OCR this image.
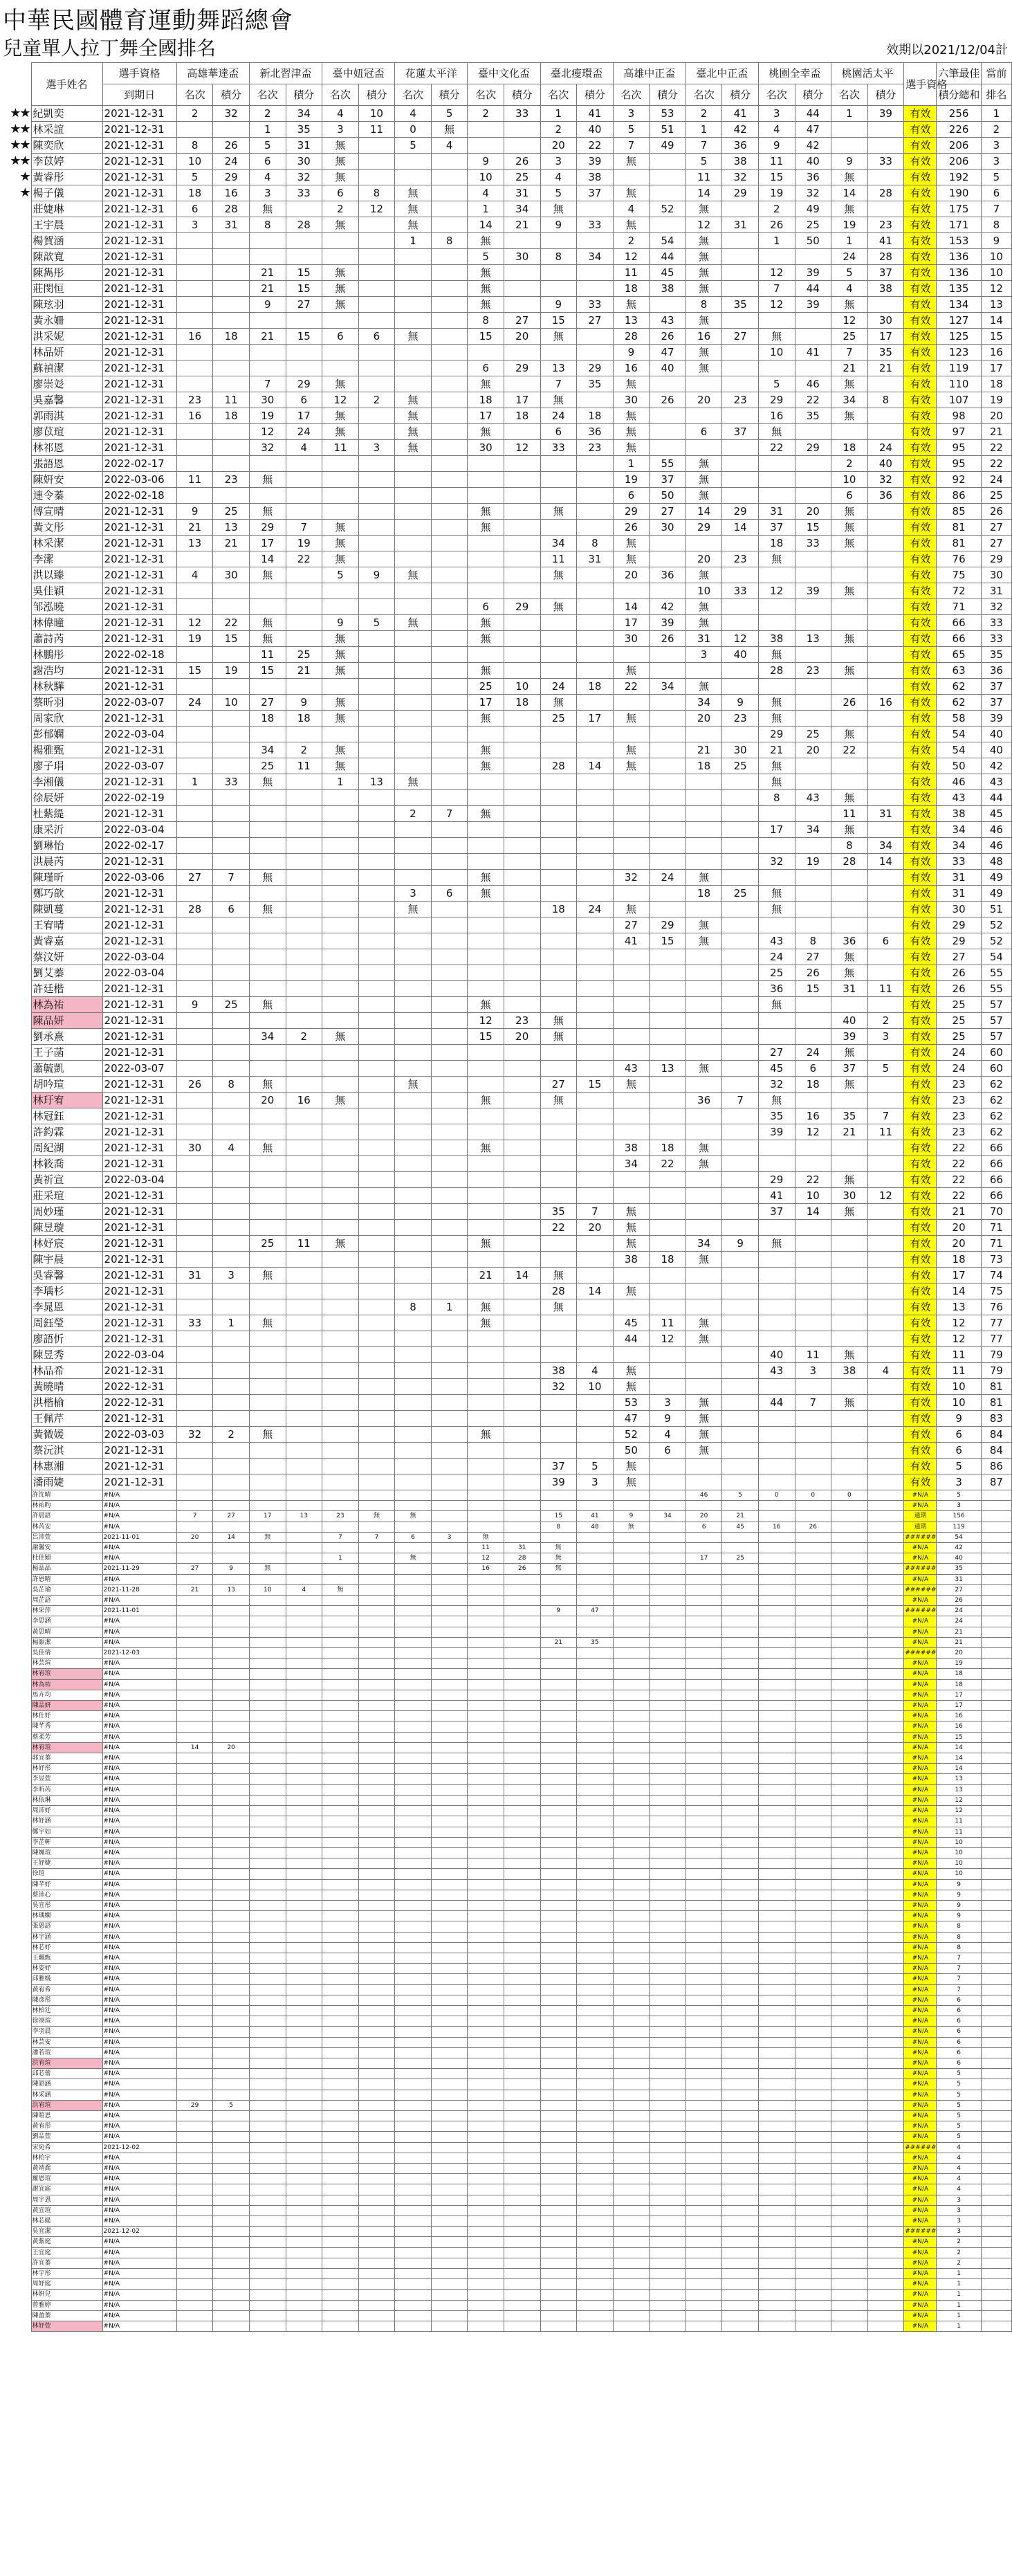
中華民國體育運動舞蹈總會
兒童單人拉丁舞全國排名	效期以2021/12/04計
	選手姓名	選手資格	高雄華達盃		新北習津盃		臺中妞冠盃		花蓮太平洋		臺中文化盃		臺北瘦環盃		高雄中正盃		臺北中正盃		桃園全幸盃		桃園活太平		選手資格	六筆最佳	當前
		到期日	名次	積分	名次	積分	名次	積分	名次	積分	名次	積分	名次	積分	名次	積分	名次	積分	名次	積分	名次	積分		積分總和	排名
★★	紀凱奕	2021-12-31	2	32	2	34	4	10	4	5	2	33	1	41	3	53	2	41	3	44	1	39	有效	256	1
★★	林采誼	2021-12-31			1	35	3	11	0	無			2	40	5	51	1	42	4	47			有效	226	2
★★	陳奕欣	2021-12-31	8	26	5	31	無		5	4			20	22	7	49	7	36	9	42			有效	206	3
★★	李苡婷	2021-12-31	10	24	6	30	無				9	26	3	39	無		5	38	11	40	9	33	有效	206	3
★	黃睿彤	2021-12-31	5	29	4	32	無				10	25	4	38			11	32	15	36	無		有效	192	5
★	楊子儀	2021-12-31	18	16	3	33	6	8	無		4	31	5	37	無		14	29	19	32	14	28	有效	190	6
	莊婕琳	2021-12-31	6	28	無		2	12	無		1	34	無		4	52	無		2	49	無		有效	175	7
	王宇晨	2021-12-31	3	31	8	28	無		無		14	21	9	33	無		12	31	26	25	19	23	有效	171	8
	楊賀涵	2021-12-31							1	8	無				2	54	無		1	50	1	41	有效	153	9
	陳歆寬	2021-12-31									5	30	8	34	12	44	無				24	28	有效	136	10
	陳雋彤	2021-12-31			21	15	無				無				11	45	無		12	39	5	37	有效	136	10
	莊閔恒	2021-12-31			21	15	無				無				18	38	無		7	44	4	38	有效	135	12
	陳玹羽	2021-12-31			9	27	無				無		9	33	無		8	35	12	39	無		有效	134	13
	黃永姍	2021-12-31									8	27	15	27	13	43	無				12	30	有效	127	14
	洪采妮	2021-12-31	16	18	21	15	6	6	無		15	20	無		28	26	16	27	無		25	17	有效	125	15
	林品妍	2021-12-31													9	47	無		10	41	7	35	有效	123	16
	蘇禎潔	2021-12-31									6	29	13	29	16	40	無				21	21	有效	119	17
	廖崇彣	2021-12-31			7	29	無				無		7	35	無				5	46	無		有效	110	18
	吳嘉馨	2021-12-31	23	11	30	6	12	2	無		18	17	無		30	26	20	23	29	22	34	8	有效	107	19
	郭雨淇	2021-12-31	16	18	19	17	無		無		17	18	24	18	無				16	35	無		有效	98	20
	廖苡瑄	2021-12-31			12	24	無		無		無		6	36	無		6	37	無				有效	97	21
	林祁恩	2021-12-31			32	4	11	3	無		30	12	33	23	無				22	29	18	24	有效	95	22
	張語恩	2022-02-17													1	55	無				2	40	有效	95	22
	陳姸安	2022-03-06	11	23	無										19	37	無				10	32	有效	92	24
	連令蓁	2022-02-18													6	50	無				6	36	有效	86	25
	傅宣晴	2021-12-31	9	25	無						無		無		29	27	14	29	31	20	無		有效	85	26
	黃文彤	2021-12-31	21	13	29	7	無				無				26	30	29	14	37	15	無		有效	81	27
	林采潔	2021-12-31	13	21	17	19	無						34	8	無				18	33	無		有效	81	27
	李潔	2021-12-31			14	22	無						11	31	無		20	23	無				有效	76	29
	洪以臻	2021-12-31	4	30	無		5	9	無				無		20	36	無						有效	75	30
	吳佳穎	2021-12-31															10	33	12	39	無		有效	72	31
	邹泓曉	2021-12-31									6	29	無		14	42	無						有效	71	32
	林偉曈	2021-12-31	12	22	無		9	5	無		無				17	39	無						有效	66	33
	蕭詩芮	2021-12-31	19	15	無		無				無				30	26	31	12	38	13	無		有效	66	33
	林鵬彤	2022-02-18			11	25	無										3	40	無				有效	65	35
	謝浩均	2021-12-31	15	19	15	21	無				無				無				28	23	無		有效	63	36
	林秋驊	2021-12-31									25	10	24	18	22	34	無						有效	62	37
	蔡昕羽	2022-03-07	24	10	27	9	無				17	18	無				34	9	無		26	16	有效	62	37
	周家欣	2021-12-31			18	18	無				無		25	17	無		20	23	無				有效	58	39
	彭郁嫻	2022-03-04																	29	25	無		有效	54	40
	楊雅甄	2021-12-31			34	2	無				無				無		21	30	21	20	22		有效	54	40
	廖子琄	2022-03-07			25	11	無				無		28	14	無		18	25	無				有效	50	42
	李湘儀	2021-12-31	1	33	無		1	13	無										無				有效	46	43
	徐辰妍	2022-02-19																	8	43	無		有效	43	44
	杜紫緹	2021-12-31							2	7	無										11	31	有效	38	45
	康采沂	2022-03-04																	17	34	無		有效	34	46
	劉琳怡	2022-02-17																			8	34	有效	34	46
	洪晨芮	2021-12-31																	32	19	28	14	有效	33	48
	陳瑾昕	2022-03-06	27	7	無						無				32	24	無						有效	31	49
	鄭巧歆	2021-12-31							3	6	無						18	25	無				有效	31	49
	陳凱蔓	2021-12-31	28	6	無				無				18	24	無				無				有效	30	51
	王宥晴	2021-12-31													27	29	無						有效	29	52
	黃睿嘉	2021-12-31													41	15	無		43	8	36	6	有效	29	52
	蔡汶妍	2022-03-04																	24	27	無		有效	27	54
	劉艾蓁	2022-03-04																	25	26	無		有效	26	55
	許廷楷	2021-12-31																	36	15	31	11	有效	26	55
	林為祐	2021-12-31	9	25	無						無								無				有效	25	57
	陳品妍	2021-12-31									12	23	無								40	2	有效	25	57
	劉承熹	2021-12-31			34	2	無				15	20	無								39	3	有效	25	57
	王子菡	2021-12-31																	27	24	無		有效	24	60
	蕭毓凱	2022-03-07													43	13	無		45	6	37	5	有效	24	60
	胡吟瑄	2021-12-31	26	8	無				無				27	15	無				32	18	無		有效	23	62
	林玗宥	2021-12-31			20	16	無				無		無				36	7	無				有效	23	62
	林冠鈺	2021-12-31																	35	16	35	7	有效	23	62
	許鈞霖	2021-12-31																	39	12	21	11	有效	23	62
	周紀湖	2021-12-31	30	4	無						無				38	18	無						有效	22	66
	林筱喬	2021-12-31													34	22	無						有效	22	66
	黃祈宣	2022-03-04																	29	22	無		有效	22	66
	莊采瑄	2021-12-31																	41	10	30	12	有效	22	66
	周妙瑾	2021-12-31											35	7	無				37	14	無		有效	21	70
	陳昱璇	2021-12-31											22	20	無								有效	20	71
	林妤宸	2021-12-31			25	11	無				無				無		34	9	無				有效	20	71
	陳宇晨	2021-12-31													38	18	無						有效	18	73
	吳睿馨	2021-12-31	31	3	無						21	14	無										有效	17	74
	李瑀杉	2021-12-31											28	14	無								有效	14	75
	李晁恩	2021-12-31							8	1	無		無										有效	13	76
	周鈺瑩	2021-12-31	33	1	無						無				45	11	無						有效	12	77
	廖語忻	2021-12-31													44	12	無						有效	12	77
	陳昱秀	2022-03-04																	40	11	無		有效	11	79
	林品希	2021-12-31											38	4	無				43	3	38	4	有效	11	79
	黃曉晴	2022-12-31											32	10	無								有效	10	81
	洪楷榆	2022-12-31													53	3	無		44	7	無		有效	10	81
	王佩芹	2021-12-31													47	9	無						有效	9	83
	黃微媛	2022-03-03	32	2	無						無				52	4	無						有效	6	84
	蔡沅淇	2021-12-31													50	6	無						有效	6	84
	林惠湘	2021-12-31											37	5	無								有效	5	86
	潘雨婕	2021-12-31											39	3	無								有效	3	87
	許沈晴	#N/A															46	5	0	0	0		#N/A	5	
	林祐昀	#N/A																					#N/A	3	
	許晨語	#N/A	7	27	17	13	23	無	無				15	41	9	34	20	21					通期	156	
	林芮安	#N/A											8	48	無		6	45	16	26			通期	119	
	呂沛萱	2021-11-01	20	14	無		7	7	6	3	無												######	54	
	謝馨安	#N/A									11	31	無										#N/A	42	
	杜佳穎	#N/A					1		無		12	28	無				17	25					#N/A	40	
	楊晶晶	2021-11-29	27	9	無						16	26	無										######	35	
	許恩晴	#N/A																					#N/A	31	
	吳芷瑜	2021-11-28	21	13	10	4	無																######	27	
	周芷語	#N/A																					#N/A	26	
	林采萍	2021-11-01											9	47									######	24	
	李思涵	#N/A																					#N/A	24	
	黃思晴	#N/A																					#N/A	21	
	楊韻潔	#N/A											21	35									#N/A	21	
	吳佳倩	2021-12-03																					######	20	
	林芸瑄	#N/A																					#N/A	19	
	林宥瑄	#N/A																					#N/A	18	
	林為祐	#N/A																					#N/A	18	
	馬卉均	#N/A																					#N/A	17	
	陳品妍	#N/A																					#N/A	17	
	林仕妤	#N/A																					#N/A	16	
	陳芊秀	#N/A																					#N/A	16	
	蔡柔芳	#N/A																					#N/A	15	
	林宥瑄	#N/A	14	20																			#N/A	14	
	郭宜蓁	#N/A																					#N/A	14	
	林妤彤	#N/A																					#N/A	14	
	李昱萱	#N/A																					#N/A	13	
	李昕芮	#N/A																					#N/A	13	
	林依琳	#N/A																					#N/A	12	
	周沛妤	#N/A																					#N/A	12	
	林妤涵	#N/A																					#N/A	11	
	鄭宇如	#N/A																					#N/A	11	
	李芷軒	#N/A																					#N/A	10	
	陳姵瑄	#N/A																					#N/A	10	
	王妤婕	#N/A																					#N/A	10	
	徐瑄	#N/A																					#N/A	10	
	陳芊妤	#N/A																					#N/A	9	
	蔡沛心	#N/A																					#N/A	9	
	吳宜彤	#N/A																					#N/A	9	
	林瑀嫻	#N/A																					#N/A	9	
	張恩語	#N/A																					#N/A	8	
	林宇涵	#N/A																					#N/A	8	
	林芯妤	#N/A																					#N/A	8	
	王珮甄	#N/A																					#N/A	7	
	林姿妤	#N/A																					#N/A	7	
	邱雅媛	#N/A																					#N/A	7	
	黃宥希	#N/A																					#N/A	7	
	陳彥彤	#N/A																					#N/A	6	
	林柏廷	#N/A																					#N/A	6	
	徐翊瑄	#N/A																					#N/A	6	
	李羽晨	#N/A																					#N/A	6	
	林芸安	#N/A																					#N/A	6	
	潘若瑄	#N/A																					#N/A	6	
	洪宥瑄	#N/A																					#N/A	6	
	邱芯蕾	#N/A																					#N/A	5	
	陳語涵	#N/A																					#N/A	5	
	林采涵	#N/A																					#N/A	5	
	洪宥瑄	#N/A	29	5																			#N/A	5	
	陳暄恩	#N/A																					#N/A	5	
	黃宥彤	#N/A																					#N/A	5	
	劉品萱	#N/A																					#N/A	5	
	宋宛希	2021-12-02																					######	4	
	林柏宇	#N/A																					#N/A	4	
	黃靖喬	#N/A																					#N/A	4	
	羅恩瑄	#N/A																					#N/A	4	
	謝宜庭	#N/A																					#N/A	4	
	周宇恩	#N/A																					#N/A	3	
	黃宜瑄	#N/A																					#N/A	3	
	林芯緹	#N/A																					#N/A	3	
	吳宜潔	2021-12-02																					######	3	
	黃紫庭	#N/A																					#N/A	2	
	王宜庭	#N/A																					#N/A	2	
	許宜蓁	#N/A																					#N/A	2	
	林宇彤	#N/A																					#N/A	1	
	周妤庭	#N/A																					#N/A	1	
	林姸兒	#N/A																					#N/A	1	
	曾雅婷	#N/A																					#N/A	1	
	陳盈蓁	#N/A																					#N/A	1	
	林妤萱	#N/A																					#N/A	1	
